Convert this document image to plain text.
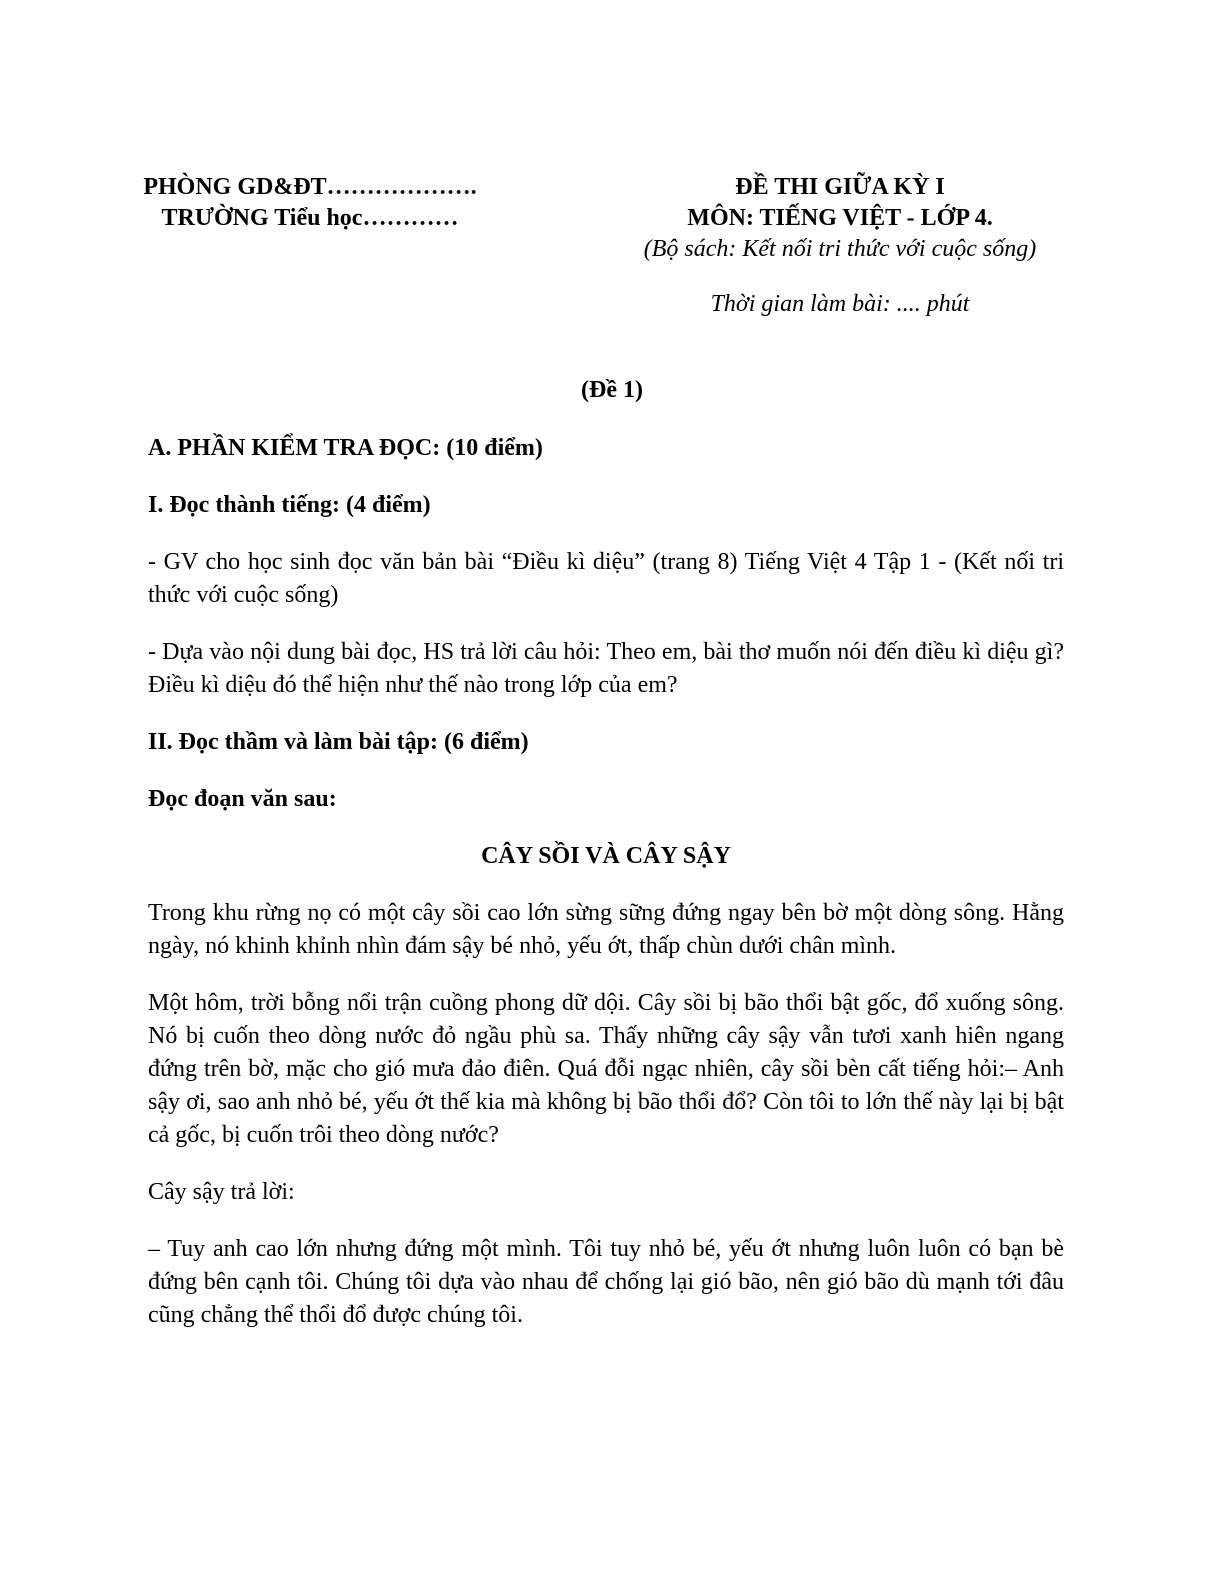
PHÒNG GD&ĐT……………….
TRƯỜNG Tiểu học…………
ĐỀ THI GIỮA KỲ I
MÔN: TIẾNG VIỆT - LỚP 4.
(Bộ sách: Kết nối tri thức với cuộc sống)
Thời gian làm bài: .... phút
(Đề 1)

A. PHẦN KIỂM TRA ĐỌC: (10 điểm)

I. Đọc thành tiếng: (4 điểm)

- GV cho học sinh đọc văn bản bài “Điều kì diệu” (trang 8) Tiếng Việt 4 Tập 1 - (Kết nối tri thức với cuộc sống)

- Dựa vào nội dung bài đọc, HS trả lời câu hỏi: Theo em, bài thơ muốn nói đến điều kì diệu gì? Điều kì diệu đó thể hiện như thế nào trong lớp của em?

II. Đọc thầm và làm bài tập: (6 điểm)

Đọc đoạn văn sau:

CÂY SỒI VÀ CÂY SẬY

Trong khu rừng nọ có một cây sồi cao lớn sừng sững đứng ngay bên bờ một dòng sông. Hằng ngày, nó khinh khỉnh nhìn đám sậy bé nhỏ, yếu ớt, thấp chùn dưới chân mình.

Một hôm, trời bỗng nổi trận cuồng phong dữ dội. Cây sồi bị bão thổi bật gốc, đổ xuống sông. Nó bị cuốn theo dòng nước đỏ ngầu phù sa. Thấy những cây sậy vẫn tươi xanh hiên ngang đứng trên bờ, mặc cho gió mưa đảo điên. Quá đỗi ngạc nhiên, cây sồi bèn cất tiếng hỏi:– Anh sậy ơi, sao anh nhỏ bé, yếu ớt thế kia mà không bị bão thổi đổ? Còn tôi to lớn thế này lại bị bật cả gốc, bị cuốn trôi theo dòng nước?

Cây sậy trả lời:

– Tuy anh cao lớn nhưng đứng một mình. Tôi tuy nhỏ bé, yếu ớt nhưng luôn luôn có bạn bè đứng bên cạnh tôi. Chúng tôi dựa vào nhau để chống lại gió bão, nên gió bão dù mạnh tới đâu cũng chẳng thể thổi đổ được chúng tôi.
